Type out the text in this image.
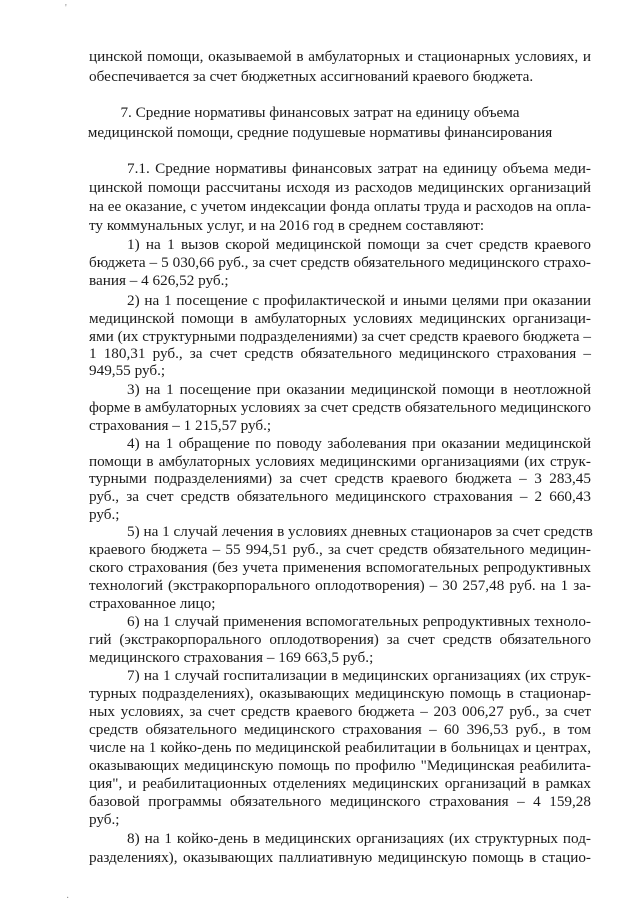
'
цинской помощи, оказываемой в амбулаторных и стационарных условиях, и
обеспечивается за счет бюджетных ассигнований краевого бюджета.
7. Средние нормативы финансовых затрат на единицу объема
медицинской помощи, средние подушевые нормативы финансирования
7.1. Средние нормативы финансовых затрат на единицу объема меди-
цинской помощи рассчитаны исходя из расходов медицинских организаций
на ее оказание, с учетом индексации фонда оплаты труда и расходов на опла-
ту коммунальных услуг, и на 2016 год в среднем составляют:
1) на 1 вызов скорой медицинской помощи за счет средств краевого
бюджета – 5 030,66 руб., за счет средств обязательного медицинского страхо-
вания – 4 626,52 руб.;
2) на 1 посещение с профилактической и иными целями при оказании
медицинской помощи в амбулаторных условиях медицинских организаци-
ями (их структурными подразделениями) за счет средств краевого бюджета –
1 180,31 руб., за счет средств обязательного медицинского страхования –
949,55 руб.;
3) на 1 посещение при оказании медицинской помощи в неотложной
форме в амбулаторных условиях за счет средств обязательного медицинского
страхования – 1 215,57 руб.;
4) на 1 обращение по поводу заболевания при оказании медицинской
помощи в амбулаторных условиях медицинскими организациями (их струк-
турными подразделениями) за счет средств краевого бюджета – 3 283,45
руб., за счет средств обязательного медицинского страхования – 2 660,43
руб.;
5) на 1 случай лечения в условиях дневных стационаров за счет средств
краевого бюджета – 55 994,51 руб., за счет средств обязательного медицин-
ского страхования (без учета применения вспомогательных репродуктивных
технологий (экстракорпорального оплодотворения) – 30 257,48 руб. на 1 за-
страхованное лицо;
6) на 1 случай применения вспомогательных репродуктивных техноло-
гий (экстракорпорального оплодотворения) за счет средств обязательного
медицинского страхования – 169 663,5 руб.;
7) на 1 случай госпитализации в медицинских организациях (их струк-
турных подразделениях), оказывающих медицинскую помощь в стационар-
ных условиях, за счет средств краевого бюджета – 203 006,27 руб., за счет
средств обязательного медицинского страхования – 60 396,53 руб., в том
числе на 1 койко-день по медицинской реабилитации в больницах и центрах,
оказывающих медицинскую помощь по профилю "Медицинская реабилита-
ция", и реабилитационных отделениях медицинских организаций в рамках
базовой программы обязательного медицинского страхования – 4 159,28
руб.;
8) на 1 койко-день в медицинских организациях (их структурных под-
разделениях), оказывающих паллиативную медицинскую помощь в стацио-
·
